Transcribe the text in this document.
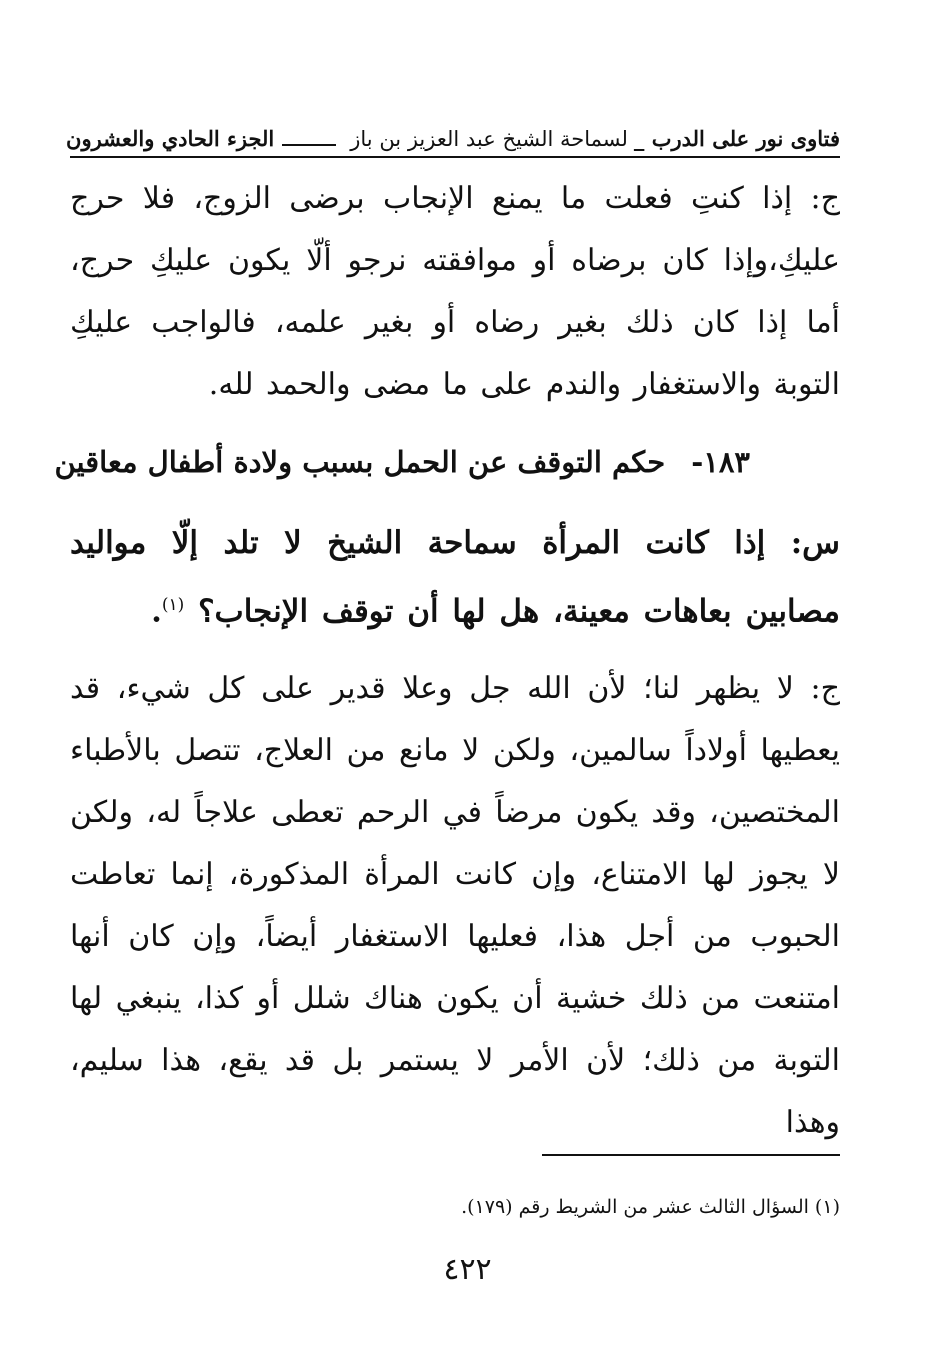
فتاوى نور على الدرب _
لسماحة الشيخ عبد العزيز بن باز
الجزء الحادي والعشرون

ج: إذا كنتِ فعلت ما يمنع الإنجاب برضى الزوج، فلا حرج عليكِ،وإذا كان برضاه أو موافقته نرجو ألّا يكون عليكِ حرج، أما إذا كان ذلك بغير رضاه أو بغير علمه، فالواجب عليكِ التوبة والاستغفار والندم على ما مضى والحمد لله.

١٨٣-حكم التوقف عن الحمل بسبب ولادة أطفال معاقين

س: إذا كانت المرأة سماحة الشيخ لا تلد إلّا مواليد مصابين بعاهات معينة، هل لها أن توقف الإنجاب؟ $^{(١)}$.

ج: لا يظهر لنا؛ لأن الله جل وعلا قدير على كل شيء، قد يعطيها أولاداً سالمين، ولكن لا مانع من العلاج، تتصل بالأطباء المختصين، وقد يكون مرضاً في الرحم تعطى علاجاً له، ولكن لا يجوز لها الامتناع، وإن كانت المرأة المذكورة، إنما تعاطت الحبوب من أجل هذا، فعليها الاستغفار أيضاً، وإن كان أنها امتنعت من ذلك خشية أن يكون هناك شلل أو كذا، ينبغي لها التوبة من ذلك؛ لأن الأمر لا يستمر بل قد يقع، هذا سليم، وهذا

(١) السؤال الثالث عشر من الشريط رقم (١٧٩).
٤٢٢
